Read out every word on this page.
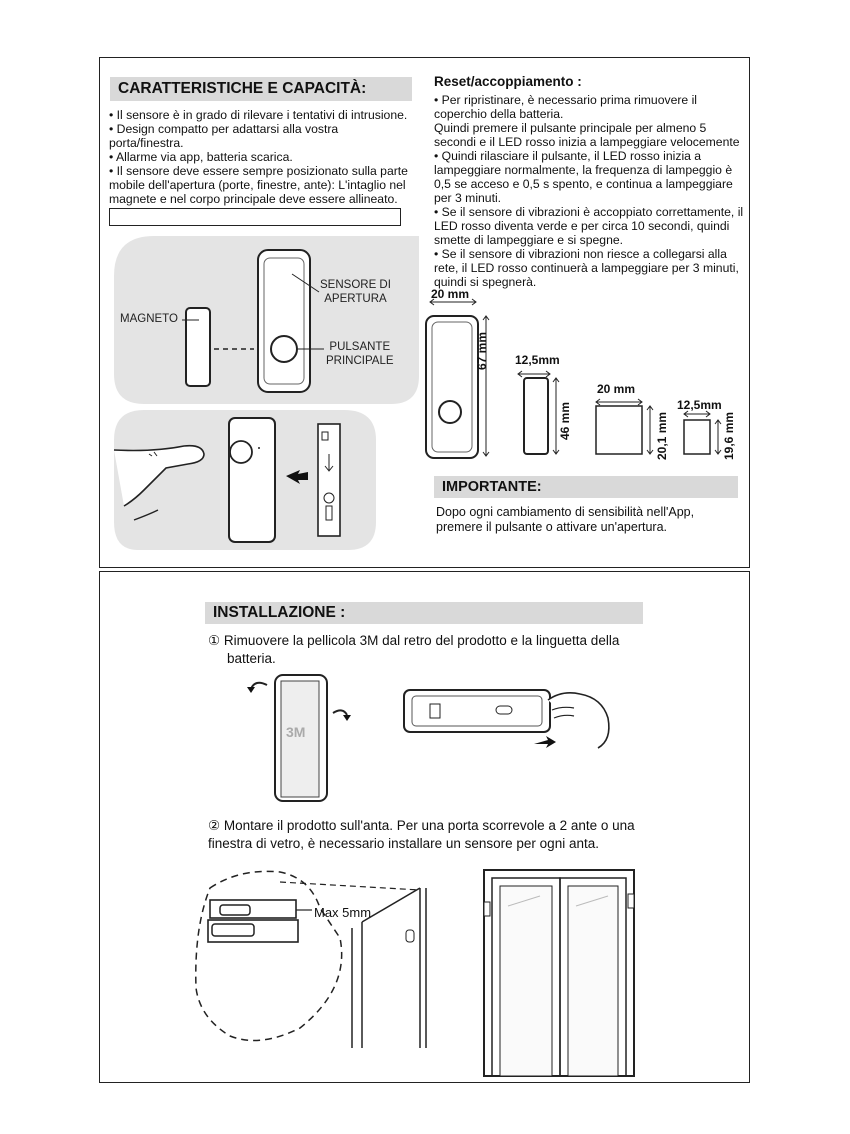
CARATTERISTICHE E CAPACITÀ:
• Il sensore è in grado di rilevare i tentativi di intrusione.
• Design compatto per adattarsi alla vostra
porta/finestra.
• Allarme via app, batteria scarica.
• Il sensore deve essere sempre posizionato sulla parte
mobile dell'apertura (porte, finestre, ante): L'intaglio nel
magnete e nel corpo principale deve essere allineato.
MAGNETO
SENSORE DI
APERTURA
PULSANTE
PRINCIPALE
Reset/accoppiamento :
• Per ripristinare, è necessario prima rimuovere il
coperchio della batteria.
Quindi premere il pulsante principale per almeno 5
secondi e il LED rosso inizia a lampeggiare velocemente
• Quindi rilasciare il pulsante, il LED rosso inizia a
lampeggiare normalmente, la frequenza di lampeggio è
0,5 se acceso e 0,5 s spento, e continua a lampeggiare
per 3 minuti.
• Se il sensore di vibrazioni è accoppiato correttamente, il
LED rosso diventa verde e per circa 10 secondi, quindi
smette di lampeggiare e si spegne.
• Se il sensore di vibrazioni non riesce a collegarsi alla
rete, il LED rosso continuerà a lampeggiare per 3 minuti,
quindi si spegnerà.
20 mm
67 mm 12,5mm
46 mm
20 mm
20,1 mm
12,5mm
19,6 mm
IMPORTANTE:
Dopo ogni cambiamento di sensibilità nell'App,
premere il pulsante o attivare un'apertura.
INSTALLAZIONE :
① Rimuovere la pellicola 3M dal retro del prodotto e la linguetta della
batteria.
3M
② Montare il prodotto sull'anta. Per una porta scorrevole a 2 ante o una
finestra di vetro, è necessario installare un sensore per ogni anta.
Max 5mm
